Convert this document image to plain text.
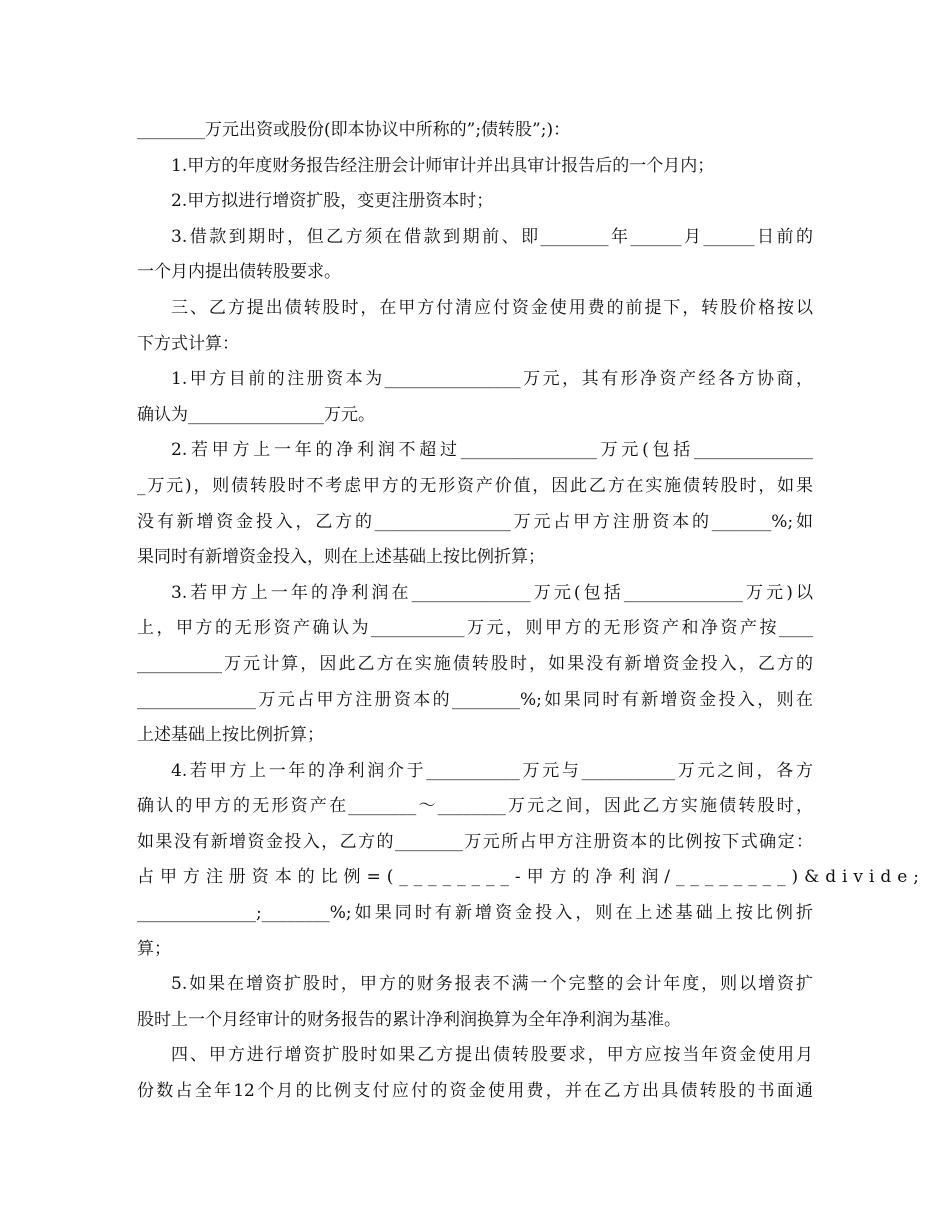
________万元出资或股份(即本协议中所称的”;债转股”;)：
1.甲方的年度财务报告经注册会计师审计并出具审计报告后的一个月内；
2.甲方拟进行增资扩股，变更注册资本时；
3.借款到期时，但乙方须在借款到期前、即________年______月______日前的
一个月内提出债转股要求。
三、乙方提出债转股时，在甲方付清应付资金使用费的前提下，转股价格按以
下方式计算：
1.甲方目前的注册资本为________________万元，其有形净资产经各方协商，
确认为________________万元。
2.若甲方上一年的净利润不超过________________万元(包括______________
_万元)，则债转股时不考虑甲方的无形资产价值，因此乙方在实施债转股时，如果
没有新增资金投入，乙方的________________万元占甲方注册资本的_______%;如
果同时有新增资金投入，则在上述基础上按比例折算；
3.若甲方上一年的净利润在______________万元(包括______________万元)以
上，甲方的无形资产确认为___________万元，则甲方的无形资产和净资产按____
__________万元计算，因此乙方在实施债转股时，如果没有新增资金投入，乙方的
______________万元占甲方注册资本的________%;如果同时有新增资金投入，则在
上述基础上按比例折算；
4.若甲方上一年的净利润介于___________万元与___________万元之间，各方
确认的甲方的无形资产在________～________万元之间，因此乙方实施债转股时，
如果没有新增资金投入，乙方的________万元所占甲方注册资本的比例按下式确定：
占甲方注册资本的比例=(________-甲方的净利润/________)&divide;
______________;________%;如果同时有新增资金投入，则在上述基础上按比例折
算；
5.如果在增资扩股时，甲方的财务报表不满一个完整的会计年度，则以增资扩
股时上一个月经审计的财务报告的累计净利润换算为全年净利润为基准。
四、甲方进行增资扩股时如果乙方提出债转股要求，甲方应按当年资金使用月
份数占全年12个月的比例支付应付的资金使用费，并在乙方出具债转股的书面通
